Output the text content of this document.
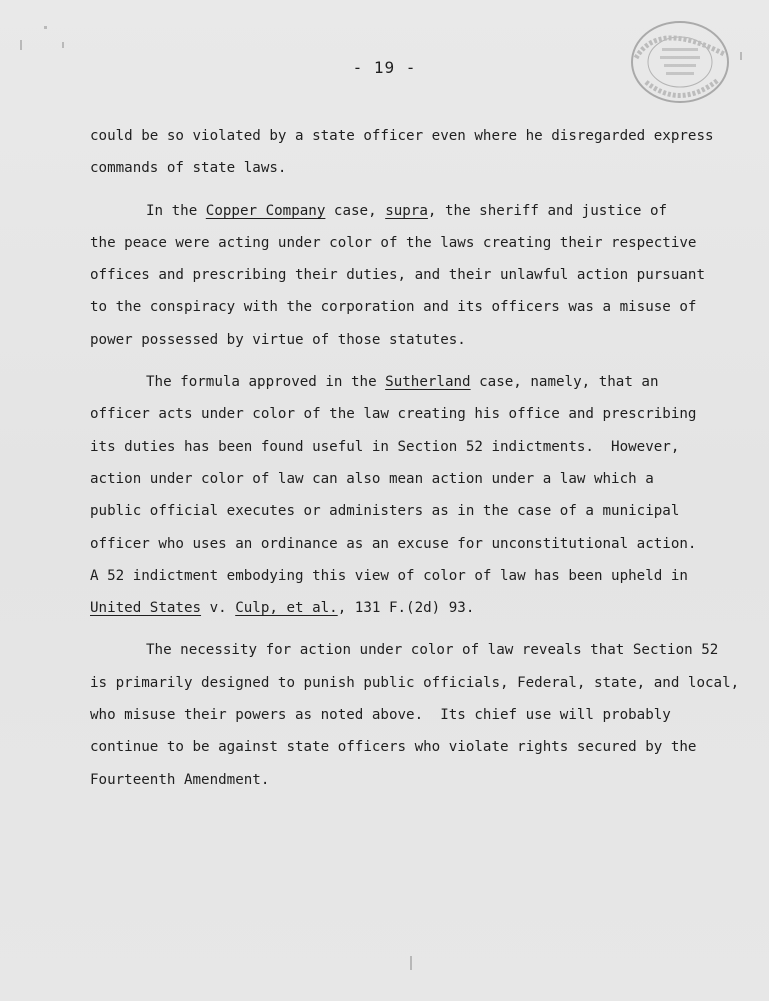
- 19 -
could be so violated by a state officer even where he disregarded express
commands of state laws.
In the Copper Company case, supra, the sheriff and justice of
the peace were acting under color of the laws creating their respective
offices and prescribing their duties, and their unlawful action pursuant
to the conspiracy with the corporation and its officers was a misuse of
power possessed by virtue of those statutes.
The formula approved in the Sutherland case, namely, that an
officer acts under color of the law creating his office and prescribing
its duties has been found useful in Section 52 indictments.  However,
action under color of law can also mean action under a law which a
public official executes or administers as in the case of a municipal
officer who uses an ordinance as an excuse for unconstitutional action.
A 52 indictment embodying this view of color of law has been upheld in
United States v. Culp, et al., 131 F.(2d) 93.
The necessity for action under color of law reveals that Section 52
is primarily designed to punish public officials, Federal, state, and local,
who misuse their powers as noted above.  Its chief use will probably
continue to be against state officers who violate rights secured by the
Fourteenth Amendment.
